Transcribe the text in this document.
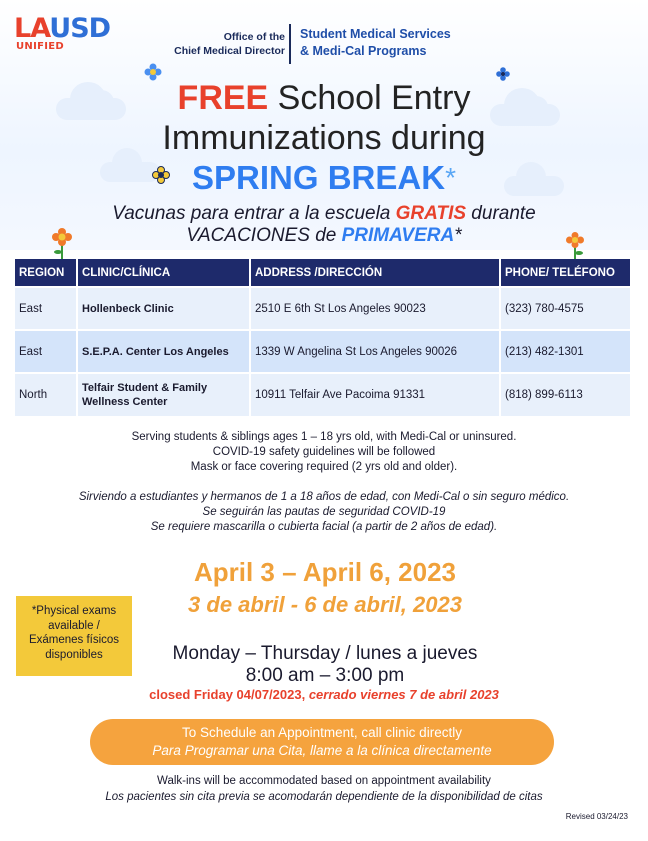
LAUSD
UNIFIED
Office of the
Chief Medical Director
Student Medical Services
& Medi-Cal Programs
FREE School Entry
Immunizations during
SPRING BREAK*
Vacunas para entrar a la escuela GRATIS durante
VACACIONES de PRIMAVERA*
REGION	CLINIC/CLÍNICA	ADDRESS /DIRECCIÓN	PHONE/ TELÉFONO
East	Hollenbeck Clinic	2510 E 6th St Los Angeles 90023	(323) 780-4575
East	S.E.P.A. Center Los Angeles	1339 W Angelina St Los Angeles 90026	(213) 482-1301
North	Telfair Student & Family Wellness Center	10911 Telfair Ave Pacoima 91331	(818) 899-6113
Serving students & siblings ages 1 – 18 yrs old, with Medi-Cal or uninsured.
COVID-19 safety guidelines will be followed
Mask or face covering required (2 yrs old and older).
Sirviendo a estudiantes y hermanos de 1 a 18 años de edad, con Medi-Cal o sin seguro médico.
Se seguirán las pautas de seguridad COVID-19
Se requiere mascarilla o cubierta facial (a partir de 2 años de edad).
April 3 – April 6, 2023
3 de abril - 6 de abril, 2023
*Physical exams
available /
Exámenes físicos
disponibles	Monday – Thursday / lunes a jueves
8:00 am – 3:00 pm
closed Friday 04/07/2023, cerrado viernes 7 de abril 2023
To Schedule an Appointment, call clinic directly
Para Programar una Cita, llame a la clínica directamente
Walk-ins will be accommodated based on appointment availability
Los pacientes sin cita previa se acomodarán dependiente de la disponibilidad de citas
Revised 03/24/23
